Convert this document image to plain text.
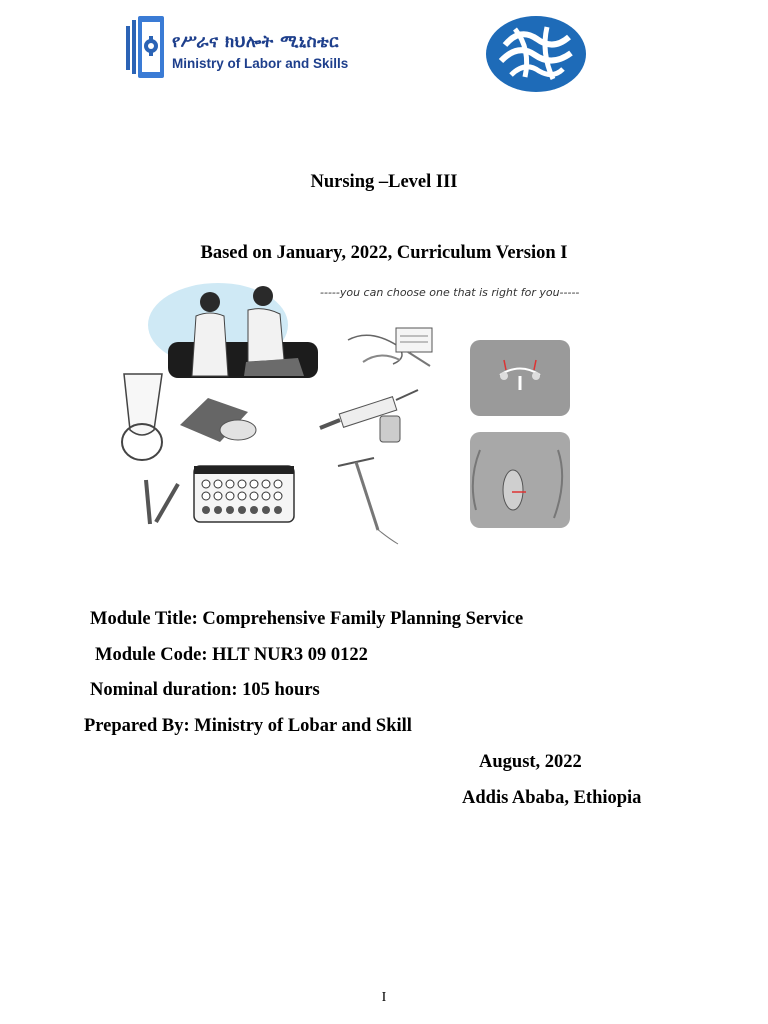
የሥራና ክህሎት ሚኒስቴር
Ministry of Labor and Skills
Nursing –Level III
Based on January, 2022, Curriculum Version I
-----you can choose one that is right for you-----
Module Title: Comprehensive Family Planning Service
Module Code: HLT NUR3 09 0122
Nominal duration: 105 hours
Prepared By: Ministry of Lobar and Skill
August, 2022
Addis Ababa, Ethiopia
I
